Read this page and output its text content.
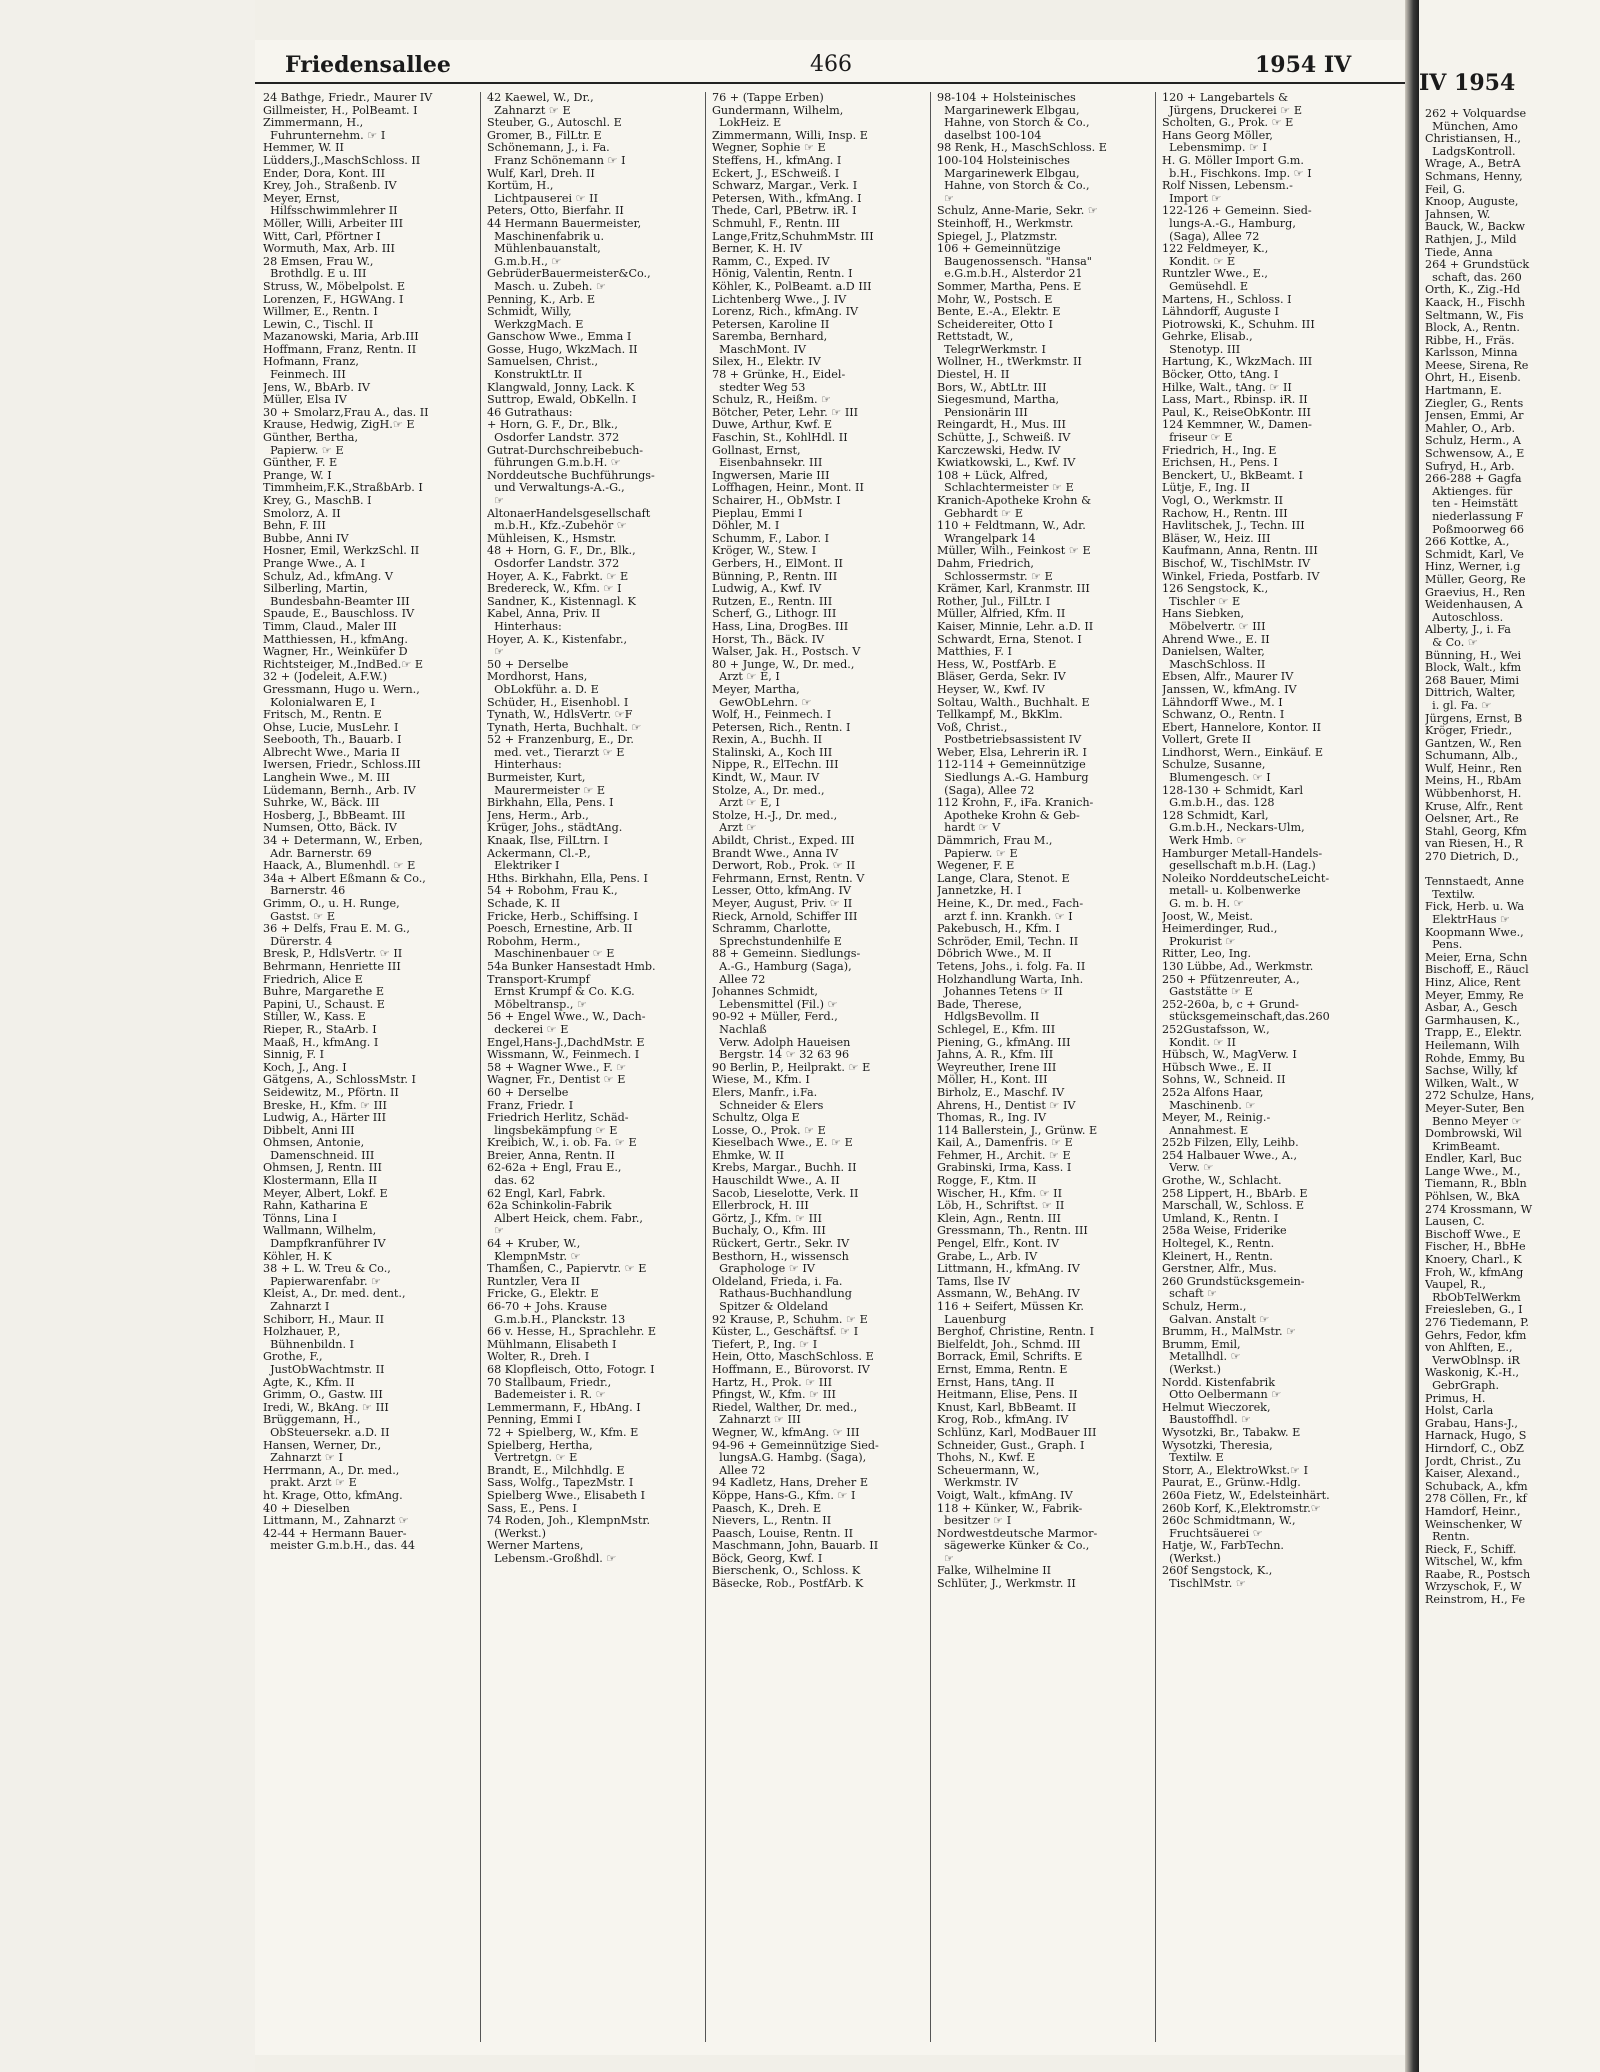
Friedensallee	466	1954 IV
24 Bathge, Friedr., Maurer IV
Gillmeister, H., PolBeamt. I
Zimmermann, H.,
Fuhrunternehm. ☞ I
Hemmer, W. II
Lüdders,J.,MaschSchloss. II
Ender, Dora, Kont. III
Krey, Joh., Straßenb. IV
Meyer, Ernst,
Hilfsschwimmlehrer II
Möller, Willi, Arbeiter III
Witt, Carl, Pförtner I
Wormuth, Max, Arb. III
28 Emsen, Frau W.,
Brothdlg. E u. III
Struss, W., Möbelpolst. E
Lorenzen, F., HGWAng. I
Willmer, E., Rentn. I
Lewin, C., Tischl. II
Mazanowski, Maria, Arb.III
Hoffmann, Franz, Rentn. II
Hofmann, Franz,
Feinmech. III
Jens, W., BbArb. IV
Müller, Elsa IV
30 + Smolarz,Frau A., das. II
Krause, Hedwig, ZigH.☞ E
Günther, Bertha,
Papierw. ☞ E
Günther, F. E
Prange, W. I
Timmheim,F.K.,StraßbArb. I
Krey, G., MaschB. I
Smolorz, A. II
Behn, F. III
Bubbe, Anni IV
Hosner, Emil, WerkzSchl. II
Prange Wwe., A. I
Schulz, Ad., kfmAng. V
Silberling, Martin,
Bundesbahn-Beamter III
Spaude, E., Bauschloss. IV
Timm, Claud., Maler III
Matthiessen, H., kfmAng.
Wagner, Hr., Weinküfer D
Richtsteiger, M.,IndBed.☞ E
32 + (Jodeleit, A.F.W.)
Gressmann, Hugo u. Wern.,
Kolonialwaren E, I
Fritsch, M., Rentn. E
Ohse, Lucie, MusLehr. I
Seebooth, Th., Bauarb. I
Albrecht Wwe., Maria II
Iwersen, Friedr., Schloss.III
Langhein Wwe., M. III
Lüdemann, Bernh., Arb. IV
Suhrke, W., Bäck. III
Hosberg, J., BbBeamt. III
Numsen, Otto, Bäck. IV
34 + Determann, W., Erben,
Adr. Barnerstr. 69
Haack, A., Blumenhdl. ☞ E
34a + Albert Eßmann & Co.,
Barnerstr. 46
Grimm, O., u. H. Runge,
Gastst. ☞ E
36 + Delfs, Frau E. M. G.,
Dürerstr. 4
Bresk, P., HdlsVertr. ☞ II
Behrmann, Henriette III
Friedrich, Alice E
Buhre, Margarethe E
Papini, U., Schaust. E
Stiller, W., Kass. E
Rieper, R., StaArb. I
Maaß, H., kfmAng. I
Sinnig, F. I
Koch, J., Ang. I
Gätgens, A., SchlossMstr. I
Seidewitz, M., Pförtn. II
Breske, H., Kfm. ☞ III
Ludwig, A., Härter III
Dibbelt, Anni III
Ohmsen, Antonie,
Damenschneid. III
Ohmsen, J, Rentn. III
Klostermann, Ella II
Meyer, Albert, Lokf. E
Rahn, Katharina E
Tönns, Lina I
Wallmann, Wilhelm,
Dampfkranführer IV
Köhler, H. K
38 + L. W. Treu & Co.,
Papierwarenfabr. ☞
Kleist, A., Dr. med. dent.,
Zahnarzt I
Schiborr, H., Maur. II
Holzhauer, P.,
Bühnenbildn. I
Grothe, F.,
JustObWachtmstr. II
Agte, K., Kfm. II
Grimm, O., Gastw. III
Iredi, W., BkAng. ☞ III
Brüggemann, H.,
ObSteuersekr. a.D. II
Hansen, Werner, Dr.,
Zahnarzt ☞ I
Herrmann, A., Dr. med.,
prakt. Arzt ☞ E
ht. Krage, Otto, kfmAng.
40 + Dieselben
Littmann, M., Zahnarzt ☞
42-44 + Hermann Bauer-
meister G.m.b.H., das. 44
42 Kaewel, W., Dr.,
Zahnarzt ☞ E
Steuber, G., Autoschl. E
Gromer, B., FilLtr. E
Schönemann, J., i. Fa.
Franz Schönemann ☞ I
Wulf, Karl, Dreh. II
Kortüm, H.,
Lichtpauserei ☞ II
Peters, Otto, Bierfahr. II
44 Hermann Bauermeister,
Maschinenfabrik u.
Mühlenbauanstalt,
G.m.b.H., ☞
GebrüderBauermeister&Co.,
Masch. u. Zubeh. ☞
Penning, K., Arb. E
Schmidt, Willy,
WerkzgMach. E
Ganschow Wwe., Emma I
Gosse, Hugo, WkzMach. II
Samuelsen, Christ.,
KonstruktLtr. II
Klangwald, Jonny, Lack. K
Suttrop, Ewald, ObKelln. I
46 Gutrathaus:
+ Horn, G. F., Dr., Blk.,
Osdorfer Landstr. 372
Gutrat-Durchschreibebuch-
führungen G.m.b.H. ☞
Norddeutsche Buchführungs-
und Verwaltungs-A.-G.,
☞
AltonaerHandelsgesellschaft
m.b.H., Kfz.-Zubehör ☞
Mühleisen, K., Hsmstr.
48 + Horn, G. F., Dr., Blk.,
Osdorfer Landstr. 372
Hoyer, A. K., Fabrkt. ☞ E
Bredereck, W., Kfm. ☞ I
Sandner, K., Kistennagl. K
Kabel, Anna, Priv. II
Hinterhaus:
Hoyer, A. K., Kistenfabr.,
☞
50 + Derselbe
Mordhorst, Hans,
ObLokführ. a. D. E
Schüder, H., Eisenhobl. I
Tynath, W., HdlsVertr. ☞F
Tynath, Herta, Buchhalt. ☞
52 + Franzenburg, E., Dr.
med. vet., Tierarzt ☞ E
Hinterhaus:
Burmeister, Kurt,
Maurermeister ☞ E
Birkhahn, Ella, Pens. I
Jens, Herm., Arb.,
Krüger, Johs., städtAng.
Knaak, Ilse, FilLtrn. I
Ackermann, Cl.-P.,
Elektriker I
Hths. Birkhahn, Ella, Pens. I
54 + Robohm, Frau K.,
Schade, K. II
Fricke, Herb., Schiffsing. I
Poesch, Ernestine, Arb. II
Robohm, Herm.,
Maschinenbauer ☞ E
54a Bunker Hansestadt Hmb.
Transport-Krumpf
Ernst Krumpf & Co. K.G.
Möbeltransp., ☞
56 + Engel Wwe., W., Dach-
deckerei ☞ E
Engel,Hans-J.,DachdMstr. E
Wissmann, W., Feinmech. I
58 + Wagner Wwe., F. ☞
Wagner, Fr., Dentist ☞ E
60 + Derselbe
Franz, Friedr. I
Friedrich Herlitz, Schäd-
lingsbekämpfung ☞ E
Kreibich, W., i. ob. Fa. ☞ E
Breier, Anna, Rentn. II
62-62a + Engl, Frau E.,
das. 62
62 Engl, Karl, Fabrk.
62a Schinkolin-Fabrik
Albert Heick, chem. Fabr.,
☞
64 + Kruber, W.,
KlempnMstr. ☞
Thamßen, C., Papiervtr. ☞ E
Runtzler, Vera II
Fricke, G., Elektr. E
66-70 + Johs. Krause
G.m.b.H., Planckstr. 13
66 v. Hesse, H., Sprachlehr. E
Mühlmann, Elisabeth I
Wolter, R., Dreh. I
68 Klopfleisch, Otto, Fotogr. I
70 Stallbaum, Friedr.,
Bademeister i. R. ☞
Lemmermann, F., HbAng. I
Penning, Emmi I
72 + Spielberg, W., Kfm. E
Spielberg, Hertha,
Vertretgn. ☞ E
Brandt, E., Milchhdlg. E
Sass, Wolfg., TapezMstr. I
Spielberg Wwe., Elisabeth I
Sass, E., Pens. I
74 Roden, Joh., KlempnMstr.
(Werkst.)
Werner Martens,
Lebensm.-Großhdl. ☞
76 + (Tappe Erben)
Gundermann, Wilhelm,
LokHeiz. E
Zimmermann, Willi, Insp. E
Wegner, Sophie ☞ E
Steffens, H., kfmAng. I
Eckert, J., ESchweiß. I
Schwarz, Margar., Verk. I
Petersen, With., kfmAng. I
Thede, Carl, PBetrw. iR. I
Schmuhl, F., Rentn. III
Lange,Fritz,SchuhmMstr. III
Berner, K. H. IV
Ramm, C., Exped. IV
Hönig, Valentin, Rentn. I
Köhler, K., PolBeamt. a.D III
Lichtenberg Wwe., J. IV
Lorenz, Rich., kfmAng. IV
Petersen, Karoline II
Saremba, Bernhard,
MaschMont. IV
Silex, H., Elektr. IV
78 + Grünke, H., Eidel-
stedter Weg 53
Schulz, R., Heißm. ☞
Bötcher, Peter, Lehr. ☞ III
Duwe, Arthur, Kwf. E
Faschin, St., KohlHdl. II
Gollnast, Ernst,
Eisenbahnsekr. III
Ingwersen, Marie III
Loffhagen, Heinr., Mont. II
Schairer, H., ObMstr. I
Pieplau, Emmi I
Döhler, M. I
Schumm, F., Labor. I
Kröger, W., Stew. I
Gerbers, H., ElMont. II
Bünning, P., Rentn. III
Ludwig, A., Kwf. IV
Rutzen, E., Rentn. III
Scherf, G., Lithogr. III
Hass, Lina, DrogBes. III
Horst, Th., Bäck. IV
Walser, Jak. H., Postsch. V
80 + Junge, W., Dr. med.,
Arzt ☞ E, I
Meyer, Martha,
GewObLehrn. ☞
Wolf, H., Feinmech. I
Petersen, Rich., Rentn. I
Rexin, A., Buchh. II
Stalinski, A., Koch III
Nippe, R., ElTechn. III
Kindt, W., Maur. IV
Stolze, A., Dr. med.,
Arzt ☞ E, I
Stolze, H.-J., Dr. med.,
Arzt ☞
Abildt, Christ., Exped. III
Brandt Wwe., Anna IV
Derwort, Rob., Prok. ☞ II
Fehrmann, Ernst, Rentn. V
Lesser, Otto, kfmAng. IV
Meyer, August, Priv. ☞ II
Rieck, Arnold, Schiffer III
Schramm, Charlotte,
Sprechstundenhilfe E
88 + Gemeinn. Siedlungs-
A.-G., Hamburg (Saga),
Allee 72
Johannes Schmidt,
Lebensmittel (Fil.) ☞
90-92 + Müller, Ferd.,
Nachlaß
Verw. Adolph Haueisen
Bergstr. 14 ☞ 32 63 96
90 Berlin, P., Heilprakt. ☞ E
Wiese, M., Kfm. I
Elers, Manfr., i.Fa.
Schneider & Elers
Schultz, Olga E
Losse, O., Prok. ☞ E
Kieselbach Wwe., E. ☞ E
Ehmke, W. II
Krebs, Margar., Buchh. II
Hauschildt Wwe., A. II
Sacob, Lieselotte, Verk. II
Ellerbrock, H. III
Görtz, J., Kfm. ☞ III
Buchaly, O., Kfm. III
Rückert, Gertr., Sekr. IV
Besthorn, H., wissensch
Graphologe ☞ IV
Oldeland, Frieda, i. Fa.
Rathaus-Buchhandlung
Spitzer & Oldeland
92 Krause, P., Schuhm. ☞ E
Küster, L., Geschäftsf. ☞ I
Tiefert, P., Ing. ☞ I
Hein, Otto, MaschSchloss. E
Hoffmann, E., Bürovorst. IV
Hartz, H., Prok. ☞ III
Pfingst, W., Kfm. ☞ III
Riedel, Walther, Dr. med.,
Zahnarzt ☞ III
Wegner, W., kfmAng. ☞ III
94-96 + Gemeinnützige Sied-
lungsA.G. Hambg. (Saga),
Allee 72
94 Kadletz, Hans, Dreher E
Köppe, Hans-G., Kfm. ☞ I
Paasch, K., Dreh. E
Nievers, L., Rentn. II
Paasch, Louise, Rentn. II
Maschmann, John, Bauarb. II
Böck, Georg, Kwf. I
Bierschenk, O., Schloss. K
Bäsecke, Rob., PostfArb. K
98-104 + Holsteinisches
Margarinewerk Elbgau,
Hahne, von Storch & Co.,
daselbst 100-104
98 Renk, H., MaschSchloss. E
100-104 Holsteinisches
Margarinewerk Elbgau,
Hahne, von Storch & Co.,
☞
Schulz, Anne-Marie, Sekr. ☞
Steinhoff, H., Werkmstr.
Spiegel, J., Platzmstr.
106 + Gemeinnützige
Baugenossensch. "Hansa"
e.G.m.b.H., Alsterdor 21
Sommer, Martha, Pens. E
Mohr, W., Postsch. E
Bente, E.-A., Elektr. E
Scheidereiter, Otto I
Rettstadt, W.,
TelegrWerkmstr. I
Wollner, H., tWerkmstr. II
Diestel, H. II
Bors, W., AbtLtr. III
Siegesmund, Martha,
Pensionärin III
Reingardt, H., Mus. III
Schütte, J., Schweiß. IV
Karczewski, Hedw. IV
Kwiatkowski, L., Kwf. IV
108 + Lück, Alfred,
Schlachtermeister ☞ E
Kranich-Apotheke Krohn &
Gebhardt ☞ E
110 + Feldtmann, W., Adr.
Wrangelpark 14
Müller, Wilh., Feinkost ☞ E
Dahm, Friedrich,
Schlossermstr. ☞ E
Krämer, Karl, Kranmstr. III
Rother, Jul., FilLtr. I
Müller, Alfried, Kfm. II
Kaiser, Minnie, Lehr. a.D. II
Schwardt, Erna, Stenot. I
Matthies, F. I
Hess, W., PostfArb. E
Bläser, Gerda, Sekr. IV
Heyser, W., Kwf. IV
Soltau, Walth., Buchhalt. E
Tellkampf, M., BkKlm.
Voß, Christ.,
Postbetriebsassistent IV
Weber, Elsa, Lehrerin iR. I
112-114 + Gemeinnützige
Siedlungs A.-G. Hamburg
(Saga), Allee 72
112 Krohn, F., iFa. Kranich-
Apotheke Krohn & Geb-
hardt ☞ V
Dämmrich, Frau M.,
Papierw. ☞ E
Wegener, F. E
Lange, Clara, Stenot. E
Jannetzke, H. I
Heine, K., Dr. med., Fach-
arzt f. inn. Krankh. ☞ I
Pakebusch, H., Kfm. I
Schröder, Emil, Techn. II
Döbrich Wwe., M. II
Tetens, Johs., i. folg. Fa. II
Holzhandlung Warta, Inh.
Johannes Tetens ☞ II
Bade, Therese,
HdlgsBevollm. II
Schlegel, E., Kfm. III
Piening, G., kfmAng. III
Jahns, A. R., Kfm. III
Weyreuther, Irene III
Möller, H., Kont. III
Birholz, E., Maschf. IV
Ahrens, H., Dentist ☞ IV
Thomas, R., Ing. IV
114 Ballerstein, J., Grünw. E
Kail, A., Damenfris. ☞ E
Fehmer, H., Archit. ☞ E
Grabinski, Irma, Kass. I
Rogge, F., Ktm. II
Wischer, H., Kfm. ☞ II
Löb, H., Schriftst. ☞ II
Klein, Agn., Rentn. III
Gressmann, Th., Rentn. III
Pengel, Elfr., Kont. IV
Grabe, L., Arb. IV
Littmann, H., kfmAng. IV
Tams, Ilse IV
Assmann, W., BehAng. IV
116 + Seifert, Müssen Kr.
Lauenburg
Berghof, Christine, Rentn. I
Bielfeldt, Joh., Schmd. III
Borrack, Emil, Schrifts. E
Ernst, Emma, Rentn. E
Ernst, Hans, tAng. II
Heitmann, Elise, Pens. II
Knust, Karl, BbBeamt. II
Krog, Rob., kfmAng. IV
Schlünz, Karl, ModBauer III
Schneider, Gust., Graph. I
Thohs, N., Kwf. E
Scheuermann, W.,
Werkmstr. IV
Voigt, Walt., kfmAng. IV
118 + Künker, W., Fabrik-
besitzer ☞ I
Nordwestdeutsche Marmor-
sägewerke Künker & Co.,
☞
Falke, Wilhelmine II
Schlüter, J., Werkmstr. II
120 + Langebartels &
Jürgens, Druckerei ☞ E
Scholten, G., Prok. ☞ E
Hans Georg Möller,
Lebensmimp. ☞ I
H. G. Möller Import G.m.
b.H., Fischkons. Imp. ☞ I
Rolf Nissen, Lebensm.-
Import ☞
122-126 + Gemeinn. Sied-
lungs-A.-G., Hamburg,
(Saga), Allee 72
122 Feldmeyer, K.,
Kondit. ☞ E
Runtzler Wwe., E.,
Gemüsehdl. E
Martens, H., Schloss. I
Lähndorff, Auguste I
Piotrowski, K., Schuhm. III
Gehrke, Elisab.,
Stenotyp. III
Hartung, K., WkzMach. III
Böcker, Otto, tAng. I
Hilke, Walt., tAng. ☞ II
Lass, Mart., Rbinsp. iR. II
Paul, K., ReiseObKontr. III
124 Kemmner, W., Damen-
friseur ☞ E
Friedrich, H., Ing. E
Erichsen, H., Pens. I
Benckert, U., BkBeamt. I
Lütje, F., Ing. II
Vogl, O., Werkmstr. II
Rachow, H., Rentn. III
Havlitschek, J., Techn. III
Bläser, W., Heiz. III
Kaufmann, Anna, Rentn. III
Bischof, W., TischlMstr. IV
Winkel, Frieda, Postfarb. IV
126 Sengstock, K.,
Tischler ☞ E
Hans Siebken,
Möbelvertr. ☞ III
Ahrend Wwe., E. II
Danielsen, Walter,
MaschSchloss. II
Ebsen, Alfr., Maurer IV
Janssen, W., kfmAng. IV
Lähndorff Wwe., M. I
Schwanz, O., Rentn. I
Ebert, Hannelore, Kontor. II
Vollert, Grete II
Lindhorst, Wern., Einkäuf. E
Schulze, Susanne,
Blumengesch. ☞ I
128-130 + Schmidt, Karl
G.m.b.H., das. 128
128 Schmidt, Karl,
G.m.b.H., Neckars-Ulm,
Werk Hmb. ☞
Hamburger Metall-Handels-
gesellschaft m.b.H. (Lag.)
Noleiko NorddeutscheLeicht-
metall- u. Kolbenwerke
G. m. b. H. ☞
Joost, W., Meist.
Heimerdinger, Rud.,
Prokurist ☞
Ritter, Leo, Ing.
130 Lübbe, Ad., Werkmstr.
250 + Pfützenreuter, A.,
Gaststätte ☞ E
252-260a, b, c + Grund-
stücksgemeinschaft,das.260
252Gustafsson, W.,
Kondit. ☞ II
Hübsch, W., MagVerw. I
Hübsch Wwe., E. II
Sohns, W., Schneid. II
252a Alfons Haar,
Maschinenb. ☞
Meyer, M., Reinig.-
Annahmest. E
252b Filzen, Elly, Leihb.
254 Halbauer Wwe., A.,
Verw. ☞
Grothe, W., Schlacht.
258 Lippert, H., BbArb. E
Marschall, W., Schloss. E
Umland, K., Rentn. I
258a Weise, Friderike
Holtegel, K., Rentn.
Kleinert, H., Rentn.
Gerstner, Alfr., Mus.
260 Grundstücksgemein-
schaft ☞
Schulz, Herm.,
Galvan. Anstalt ☞
Brumm, H., MalMstr. ☞
Brumm, Emil,
Metallhdl. ☞
(Werkst.)
Nordd. Kistenfabrik
Otto Oelbermann ☞
Helmut Wieczorek,
Baustoffhdl. ☞
Wysotzki, Br., Tabakw. E
Wysotzki, Theresia,
Textilw. E
Storr, A., ElektroWkst.☞ I
Paurat, E., Grünw.-Hdlg.
260a Fietz, W., Edelsteinhärt.
260b Korf, K.,Elektromstr.☞
260c Schmidtmann, W.,
Fruchtsäuerei ☞
Hatje, W., FarbTechn.
(Werkst.)
260f Sengstock, K.,
TischlMstr. ☞
IV 1954
262 + Volquardse
München, Amo
Christiansen, H.,
LadgsKontroll.
Wrage, A., BetrA
Schmans, Henny,
Feil, G.
Knoop, Auguste,
Jahnsen, W.
Bauck, W., Backw
Rathjen, J., Mild
Tiede, Anna
264 + Grundstück
schaft, das. 260
Orth, K., Zig.-Hd
Kaack, H., Fischh
Seltmann, W., Fis
Block, A., Rentn.
Ribbe, H., Fräs.
Karlsson, Minna
Meese, Sirena, Re
Ohrt, H., Eisenb.
Hartmann, E.
Ziegler, G., Rents
Jensen, Emmi, Ar
Mahler, O., Arb.
Schulz, Herm., A
Schwensow, A., E
Sufryd, H., Arb.
266-288 + Gagfa
Aktienges. für
ten - Heimstätt
niederlassung F
Poßmoorweg 66
266 Kottke, A.,
Schmidt, Karl, Ve
Hinz, Werner, i.g
Müller, Georg, Re
Graevius, H., Ren
Weidenhausen, A
Autoschloss.
Alberty, J., i. Fa
& Co. ☞
Bünning, H., Wei
Block, Walt., kfm
268 Bauer, Mimi
Dittrich, Walter,
i. gl. Fa. ☞
Jürgens, Ernst, B
Kröger, Friedr.,
Gantzen, W., Ren
Schumann, Alb.,
Wulf, Heinr., Ren
Meins, H., RbAm
Wübbenhorst, H.
Kruse, Alfr., Rent
Oelsner, Art., Re
Stahl, Georg, Kfm
van Riesen, H., R
270 Dietrich, D.,
Tennstaedt, Anne
Textilw.
Fick, Herb. u. Wa
ElektrHaus ☞
Koopmann Wwe.,
Pens.
Meier, Erna, Schn
Bischoff, E., Räucl
Hinz, Alice, Rent
Meyer, Emmy, Re
Asbar, A., Gesch
Garmhausen, K.,
Trapp, E., Elektr.
Heilemann, Wilh
Rohde, Emmy, Bu
Sachse, Willy, kf
Wilken, Walt., W
272 Schulze, Hans,
Meyer-Suter, Ben
Benno Meyer ☞
Dombrowski, Wil
KrimBeamt.
Endler, Karl, Buc
Lange Wwe., M.,
Tiemann, R., Bbln
Pöhlsen, W., BkA
274 Krossmann, W
Lausen, C.
Bischoff Wwe., E
Fischer, H., BbHe
Knoery, Charl., K
Froh, W., kfmAng
Vaupel, R.,
RbObTelWerkm
Freiesleben, G., I
276 Tiedemann, P.
Gehrs, Fedor, kfm
von Ahlften, E.,
VerwOblnsp. iR
Waskonig, K.-H.,
GebrGraph.
Primus, H.
Holst, Carla
Grabau, Hans-J.,
Harnack, Hugo, S
Hirndorf, C., ObZ
Jordt, Christ., Zu
Kaiser, Alexand.,
Schuback, A., kfm
278 Cöllen, Fr., kf
Hamdorf, Heinr.,
Weinschenker, W
Rentn.
Rieck, F., Schiff.
Witschel, W., kfm
Raabe, R., Postsch
Wrzyschok, F., W
Reinstrom, H., Fe
